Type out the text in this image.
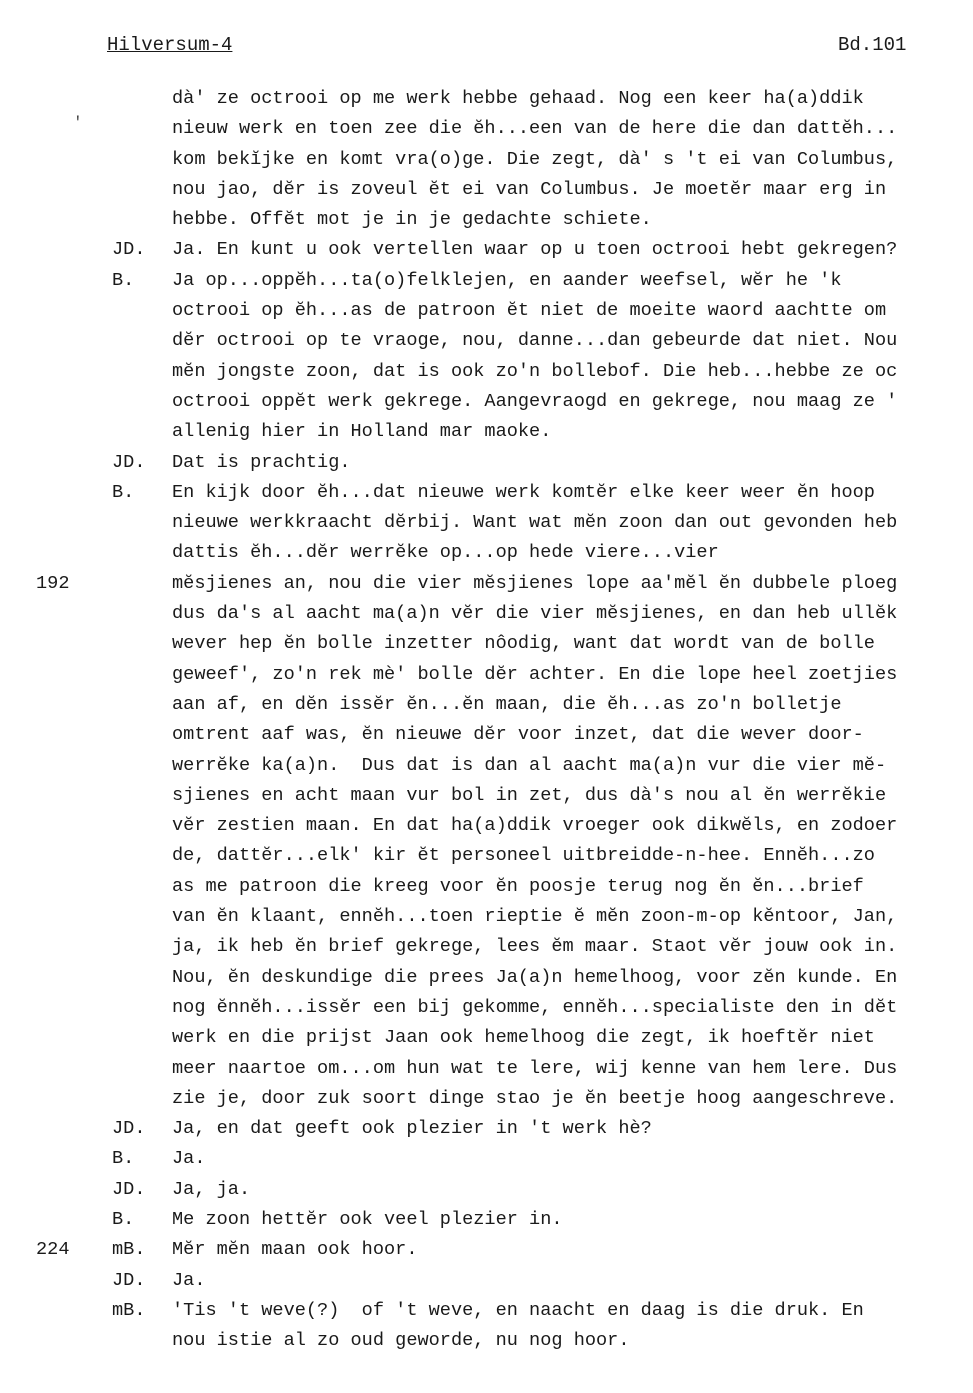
Hilversum-4	Bd.101
'
dà' ze octrooi op me werk hebbe gehaad. Nog een keer ha(a)ddik
nieuw werk en toen zee die ĕh...een van de here die dan dattĕh...
kom bekĭjke en komt vra(o)ge. Die zegt, dà' s 't ei van Columbus,
nou jao, dĕr is zoveul ĕt ei van Columbus. Je moetĕr maar erg in
hebbe. Offĕt mot je in je gedachte schiete.
JD.	Ja. En kunt u ook vertellen waar op u toen octrooi hebt gekregen?
B.	Ja op...oppĕh...ta(o)felklejen, en aander weefsel, wĕr he 'k
octrooi op ĕh...as de patroon ĕt niet de moeite waord aachtte om
dĕr octrooi op te vraoge, nou, danne...dan gebeurde dat niet. Nou
mĕn jongste zoon, dat is ook zo'n bollebof. Die heb...hebbe ze oc
octrooi oppĕt werk gekrege. Aangevraogd en gekrege, nou maag ze '
allenig hier in Holland mar maoke.
JD.	Dat is prachtig.
B.	En kijk door ĕh...dat nieuwe werk komtĕr elke keer weer ĕn hoop
nieuwe werkkraacht dĕrbij. Want wat mĕn zoon dan out gevonden heb
dattis ĕh...dĕr werrĕke op...op hede viere...vier
192	mĕsjienes an, nou die vier mĕsjienes lope aa'mĕl ĕn dubbele ploeg
dus da's al aacht ma(a)n vĕr die vier mĕsjienes, en dan heb ullĕk
wever hep ĕn bolle inzetter nôodig, want dat wordt van de bolle
geweef', zo'n rek mè' bolle dĕr achter. En die lope heel zoetjies
aan af, en dĕn issĕr ĕn...ĕn maan, die ĕh...as zo'n bolletje
omtrent aaf was, ĕn nieuwe dĕr voor inzet, dat die wever door-
werrĕke ka(a)n.  Dus dat is dan al aacht ma(a)n vur die vier mĕ-
sjienes en acht maan vur bol in zet, dus dà's nou al ĕn werrĕkie
vĕr zestien maan. En dat ha(a)ddik vroeger ook dikwĕls, en zodoer
de, dattĕr...elk' kir ĕt personeel uitbreidde-n-hee. Ennĕh...zo
as me patroon die kreeg voor ĕn poosje terug nog ĕn ĕn...brief
van ĕn klaant, ennĕh...toen rieptie ĕ mĕn zoon-m-op kĕntoor, Jan,
ja, ik heb ĕn brief gekrege, lees ĕm maar. Staot vĕr jouw ook in.
Nou, ĕn deskundige die prees Ja(a)n hemelhoog, voor zĕn kunde. En
nog ĕnnĕh...issĕr een bij gekomme, ennĕh...specialiste den in dĕt
werk en die prijst Jaan ook hemelhoog die zegt, ik hoeftĕr niet
meer naartoe om...om hun wat te lere, wij kenne van hem lere. Dus
zie je, door zuk soort dinge stao je ĕn beetje hoog aangeschreve.
JD.	Ja, en dat geeft ook plezier in 't werk hè?
B.	Ja.
JD.	Ja, ja.
B.	Me zoon hettĕr ook veel plezier in.
224 mB.	Mĕr mĕn maan ook hoor.
JD.	Ja.
mB.	'Tis 't weve(?)  of 't weve, en naacht en daag is die druk. En
nou istie al zo oud geworde, nu nog hoor.
